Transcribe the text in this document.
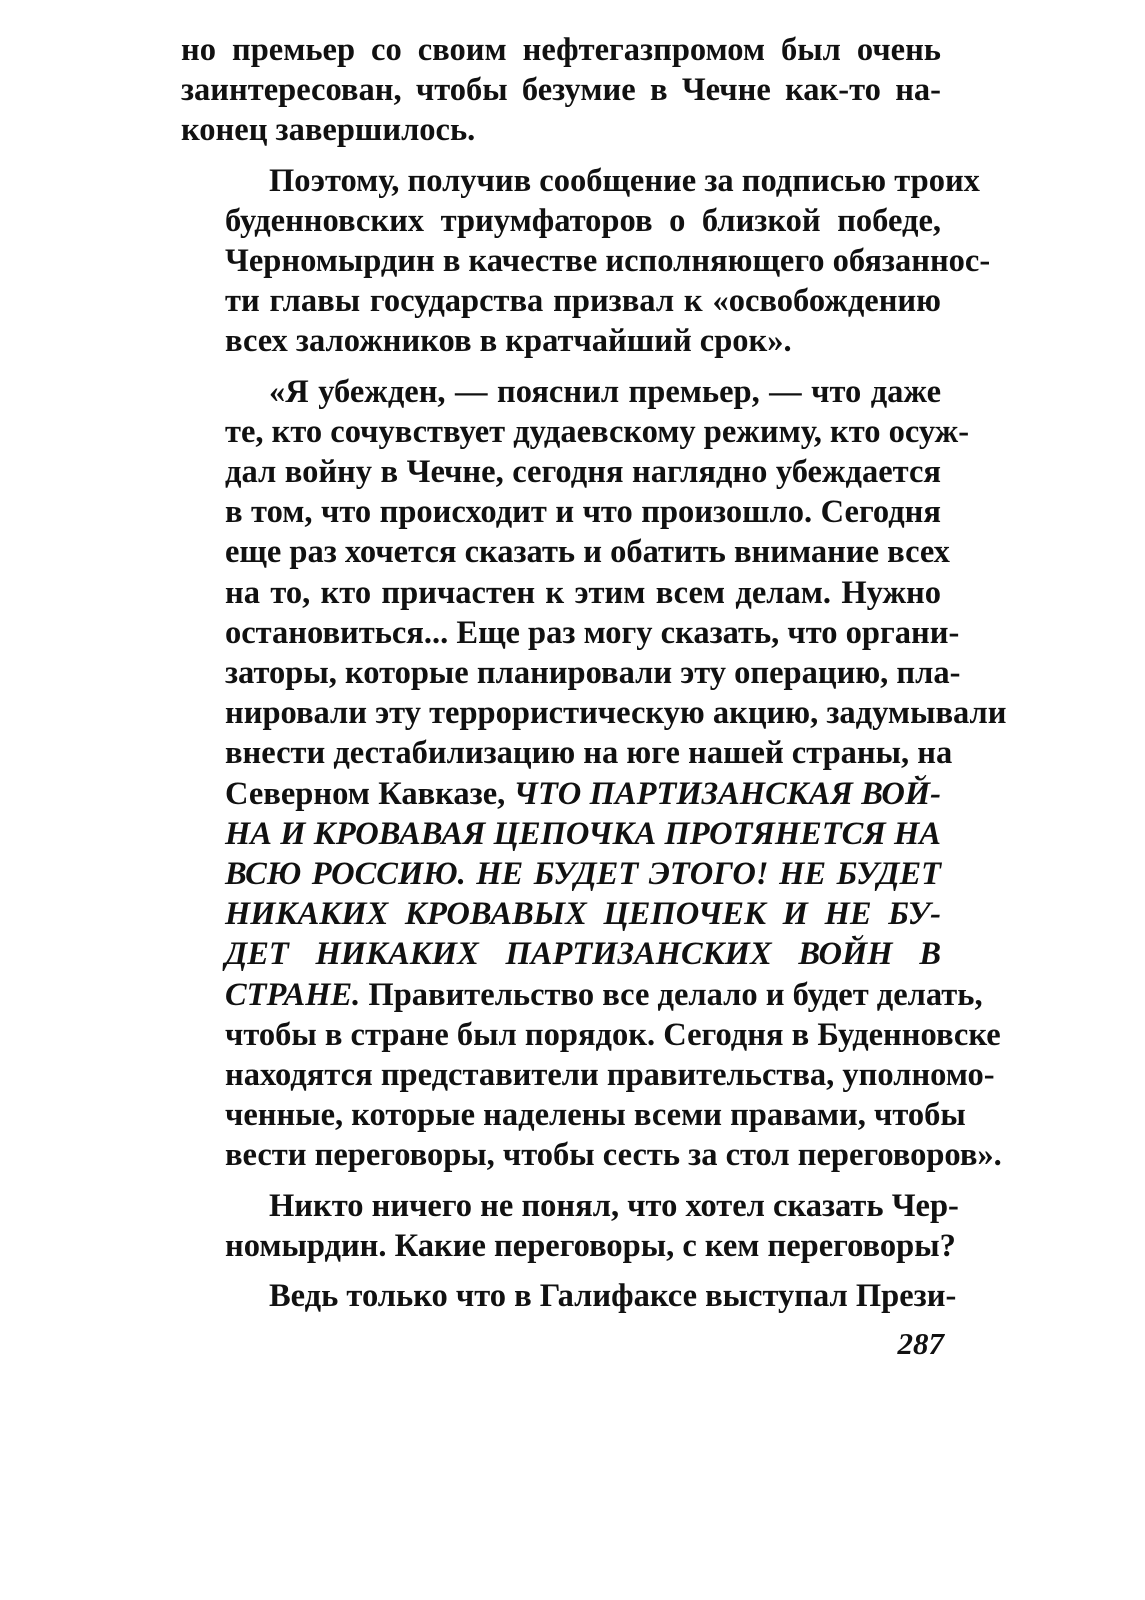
но премьер со своим нефтегазпромом был очень
заинтересован, чтобы безумие в Чечне как-то на-
конец завершилось.
Поэтому, получив сообщение за подписью троих
буденновских триумфаторов о близкой победе,
Черномырдин в качестве исполняющего обязаннос-
ти главы государства призвал к «освобождению
всех заложников в кратчайший срок».
«Я убежден, — пояснил премьер, — что даже
те, кто сочувствует дудаевскому режиму, кто осуж-
дал войну в Чечне, сегодня наглядно убеждается
в том, что происходит и что произошло. Сегодня
еще раз хочется сказать и обатить внимание всех
на то, кто причастен к этим всем делам. Нужно
остановиться... Еще раз могу сказать, что органи-
заторы, которые планировали эту операцию, пла-
нировали эту террористическую акцию, задумывали
внести дестабилизацию на юге нашей страны, на
Северном Кавказе, ЧТО ПАРТИЗАНСКАЯ ВОЙ-
НА И КРОВАВАЯ ЦЕПОЧКА ПРОТЯНЕТСЯ НА
ВСЮ РОССИЮ. НЕ БУДЕТ ЭТОГО! НЕ БУДЕТ
НИКАКИХ КРОВАВЫХ ЦЕПОЧЕК И НЕ БУ-
ДЕТ НИКАКИХ ПАРТИЗАНСКИХ ВОЙН В
СТРАНЕ. Правительство все делало и будет делать,
чтобы в стране был порядок. Сегодня в Буденновске
находятся представители правительства, уполномо-
ченные, которые наделены всеми правами, чтобы
вести переговоры, чтобы сесть за стол переговоров».
Никто ничего не понял, что хотел сказать Чер-
номырдин. Какие переговоры, с кем переговоры?
Ведь только что в Галифаксе выступал Прези-
287
